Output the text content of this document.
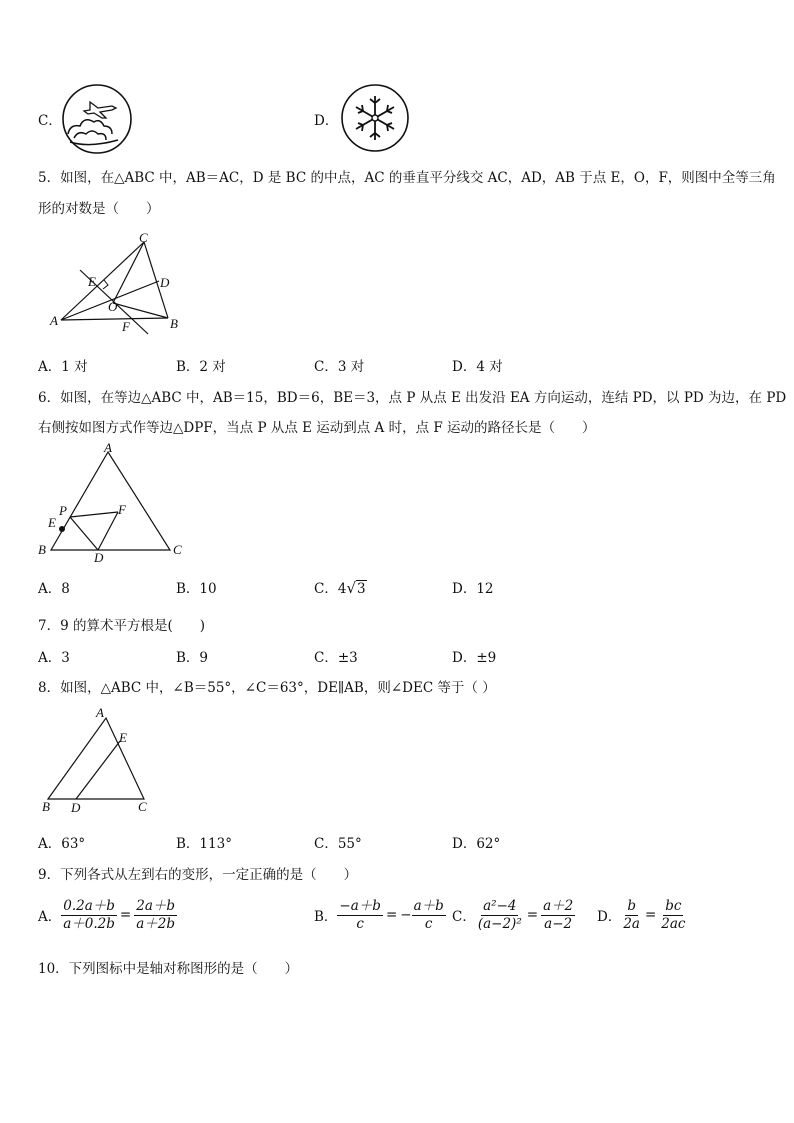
C．	D．
5．如图，在△ABC 中，AB＝AC，D 是 BC 的中点，AC 的垂直平分线交 AC，AD，AB 于点 E，O，F，则图中全等三角
形的对数是（　　）
C
E	D
O
A	F	B
A．1 对	B．2 对	C．3 对	D．4 对
6．如图，在等边△ABC 中，AB＝15，BD＝6，BE＝3，点 P 从点 E 出发沿 EA 方向运动，连结 PD，以 PD 为边，在 PD
右侧按如图方式作等边△DPF，当点 P 从点 E 运动到点 A 时，点 F 运动的路径长是（　　）
A
P	F
E
B
D
C
A．8	B．10	C．4√3	D．12
7．9 的算术平方根是(　　)
A．3	B．9	C．±3	D．±9
8．如图，△ABC 中，∠B＝55°，∠C＝63°，DE∥AB，则∠DEC 等于（ ）
A
E
B D	C
A．63°	B．113°	C．55°	D．62°
9．下列各式从左到右的变形，一定正确的是（　　）
A． $\frac{0.2a+b}{a+0.2b} = \frac{2a+b}{a+2b}$	B． $\frac{-a+b}{c}$ = − $\frac{a+b}{c}$ C． $\frac{\text{a²−4}}{\text{(a−2)²}} = \frac{a+2}{a-2}$ D． $\frac{b}{2a} = \frac{bc}{2ac}$
10．下列图标中是轴对称图形的是（　　）
